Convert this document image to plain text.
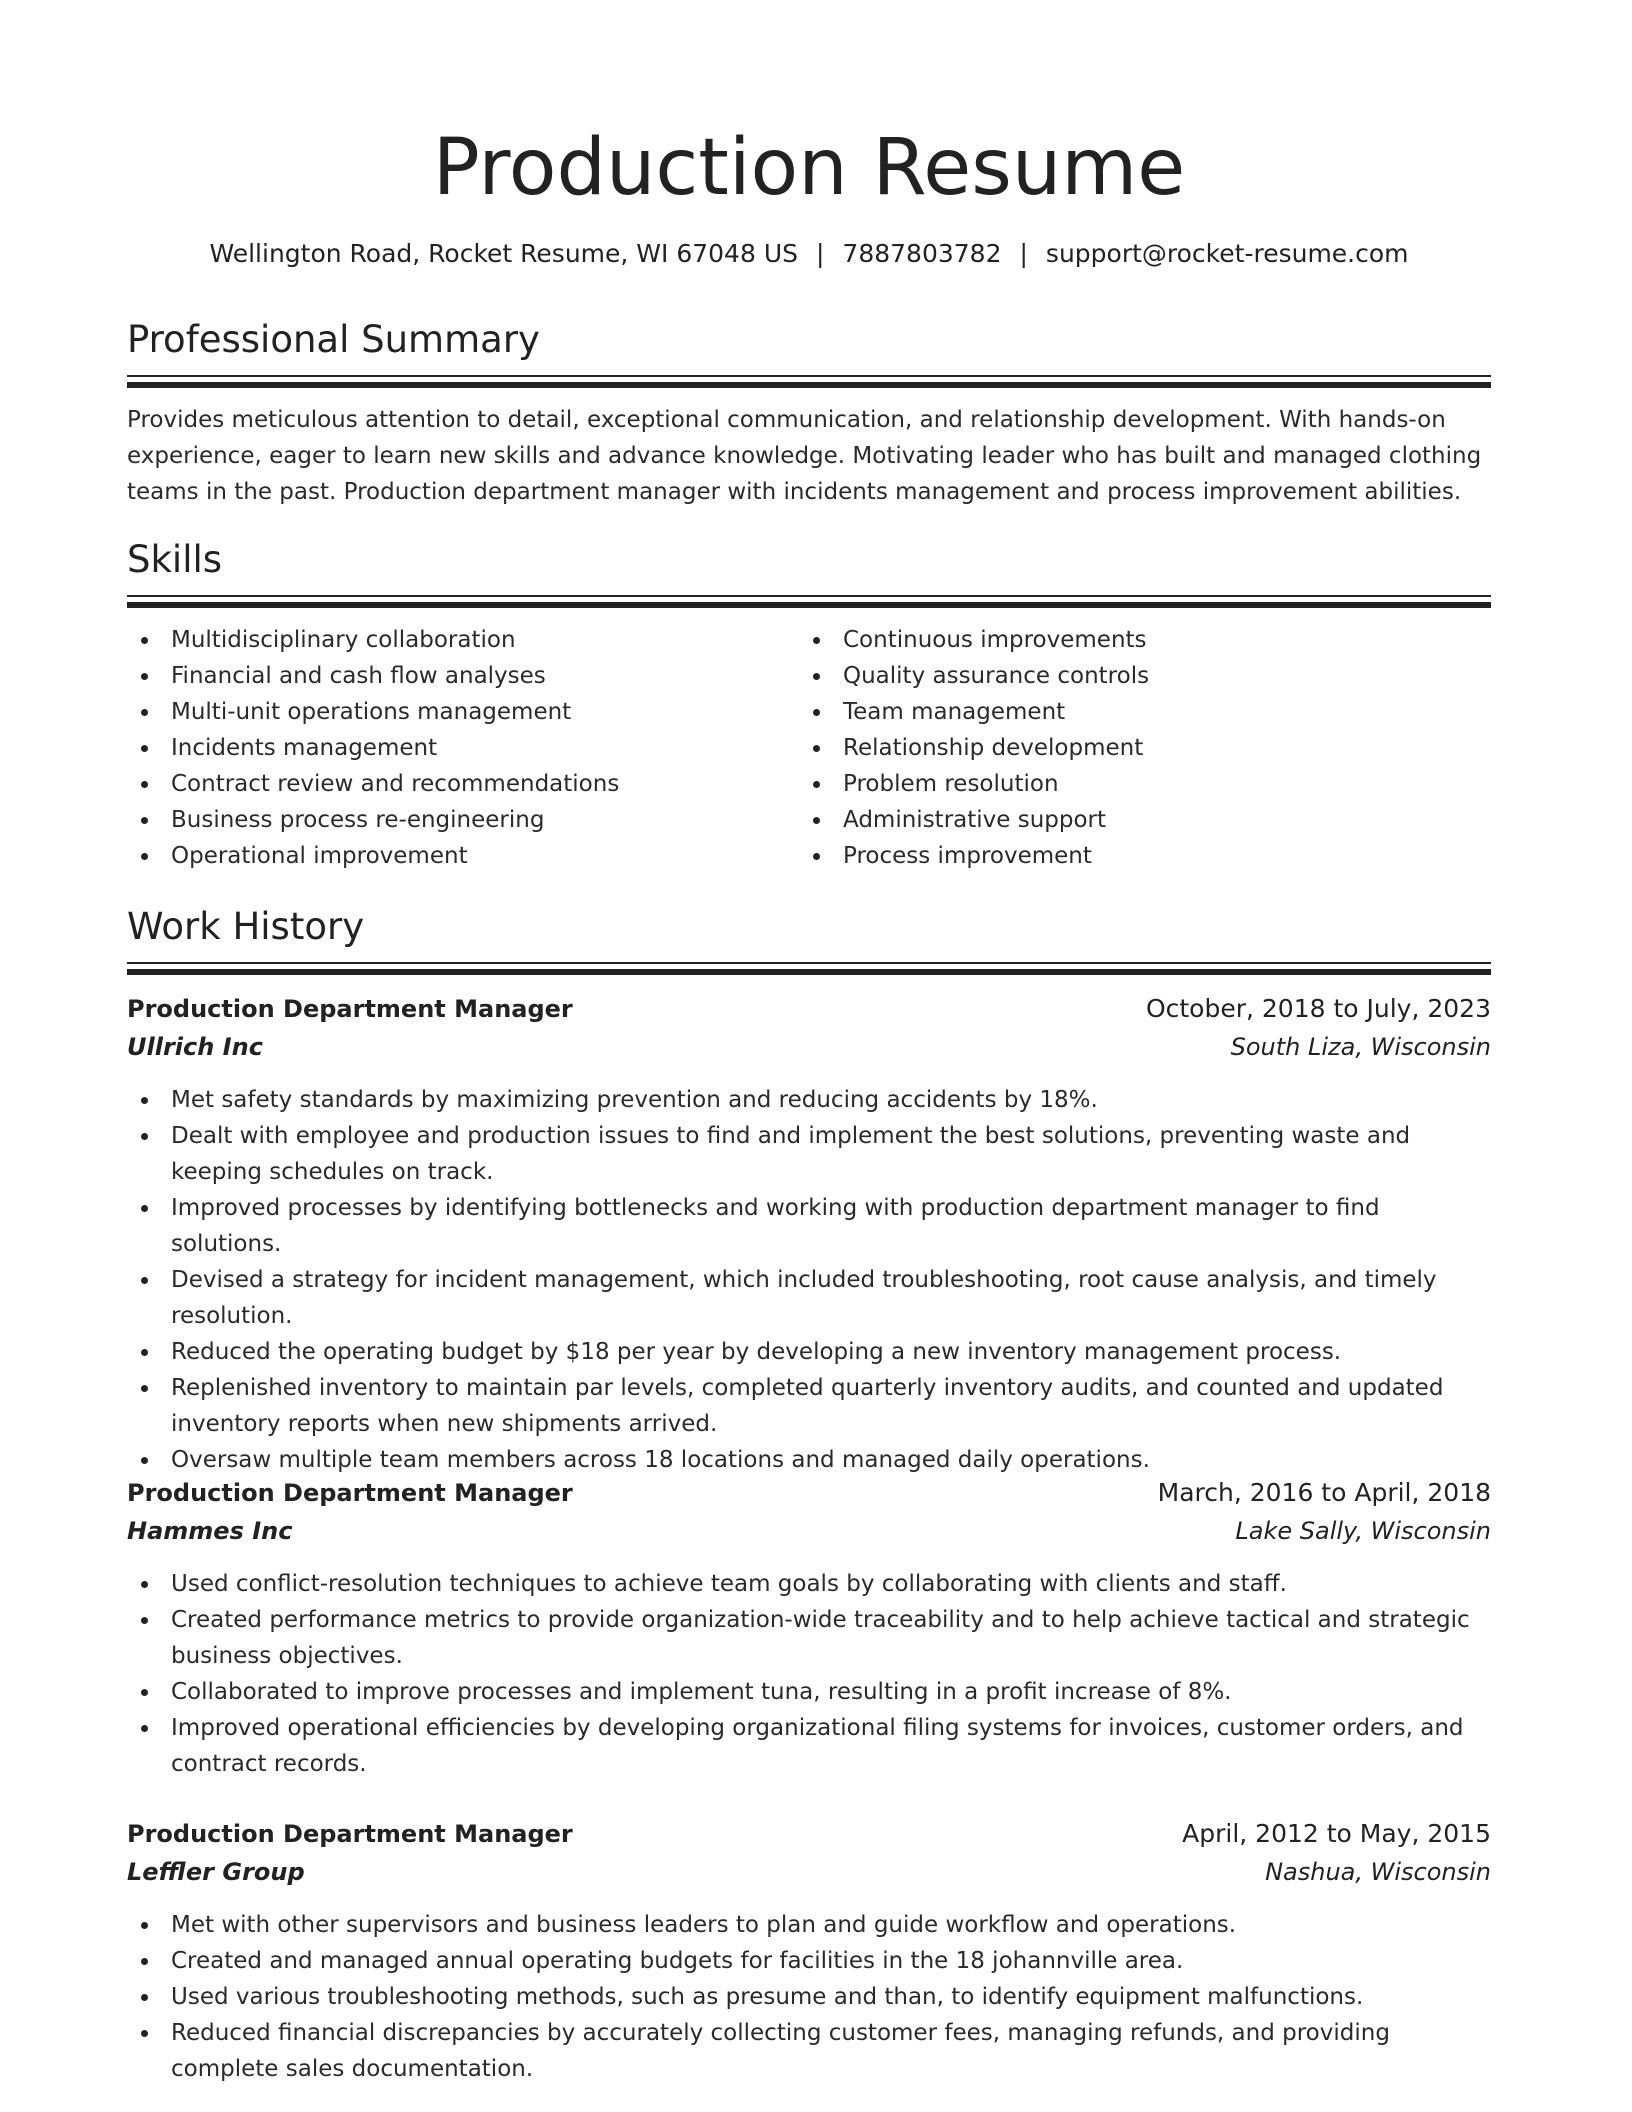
Production Resume
Wellington Road, Rocket Resume, WI 67048 US | 7887803782 | support@rocket-resume.com
Professional Summary

Provides meticulous attention to detail, exceptional communication, and relationship development. With hands-on experience, eager to learn new skills and advance knowledge. Motivating leader who has built and managed clothing teams in the past. Production department manager with incidents management and process improvement abilities.

Skills
Multidisciplinary collaboration
Financial and cash flow analyses
Multi-unit operations management
Incidents management
Contract review and recommendations
Business process re-engineering
Operational improvement
Continuous improvements
Quality assurance controls
Team management
Relationship development
Problem resolution
Administrative support
Process improvement
Work History
Production Department Manager	October, 2018 to July, 2023
Ullrich Inc	South Liza, Wisconsin
Met safety standards by maximizing prevention and reducing accidents by 18%.
Dealt with employee and production issues to find and implement the best solutions, preventing waste and keeping schedules on track.
Improved processes by identifying bottlenecks and working with production department manager to find solutions.
Devised a strategy for incident management, which included troubleshooting, root cause analysis, and timely resolution.
Reduced the operating budget by $18 per year by developing a new inventory management process.
Replenished inventory to maintain par levels, completed quarterly inventory audits, and counted and updated inventory reports when new shipments arrived.
Oversaw multiple team members across 18 locations and managed daily operations.
Production Department Manager	March, 2016 to April, 2018
Hammes Inc	Lake Sally, Wisconsin
Used conflict-resolution techniques to achieve team goals by collaborating with clients and staff.
Created performance metrics to provide organization-wide traceability and to help achieve tactical and strategic business objectives.
Collaborated to improve processes and implement tuna, resulting in a profit increase of 8%.
Improved operational efficiencies by developing organizational filing systems for invoices, customer orders, and contract records.
Production Department Manager	April, 2012 to May, 2015
Leffler Group	Nashua, Wisconsin
Met with other supervisors and business leaders to plan and guide workflow and operations.
Created and managed annual operating budgets for facilities in the 18 johannville area.
Used various troubleshooting methods, such as presume and than, to identify equipment malfunctions.
Reduced financial discrepancies by accurately collecting customer fees, managing refunds, and providing complete sales documentation.
